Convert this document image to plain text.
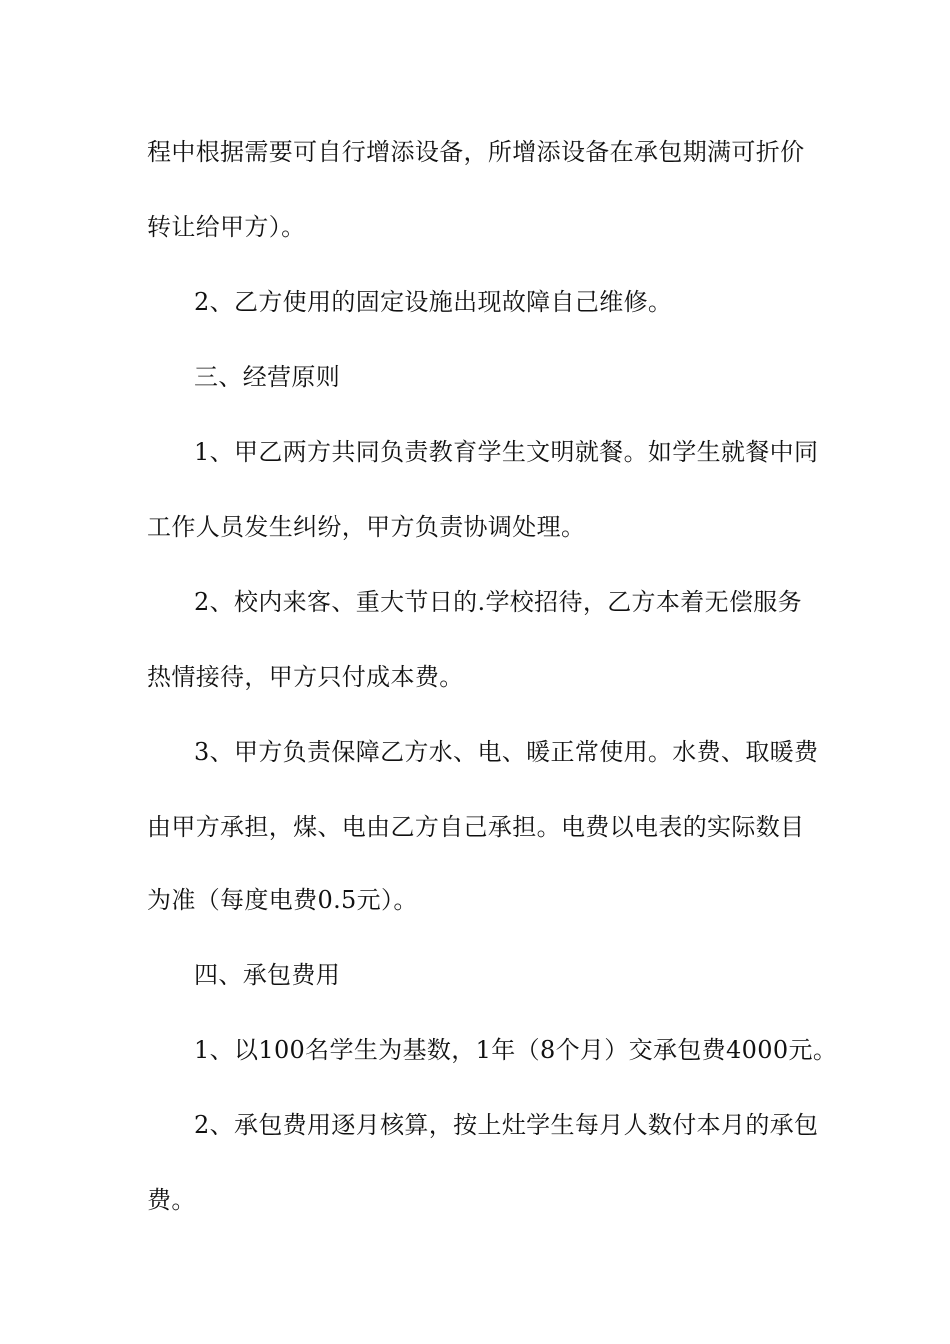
程中根据需要可自行增添设备，所增添设备在承包期满可折价
转让给甲方）。
2、乙方使用的固定设施出现故障自己维修。
三、经营原则
1、甲乙两方共同负责教育学生文明就餐。如学生就餐中同
工作人员发生纠纷，甲方负责协调处理。
2、校内来客、重大节日的.学校招待，乙方本着无偿服务
热情接待，甲方只付成本费。
3、甲方负责保障乙方水、电、暖正常使用。水费、取暖费
由甲方承担，煤、电由乙方自己承担。电费以电表的实际数目
为准（每度电费0.5元）。
四、承包费用
1、以100名学生为基数，1年（8个月）交承包费4000元。
2、承包费用逐月核算，按上灶学生每月人数付本月的承包
费。
